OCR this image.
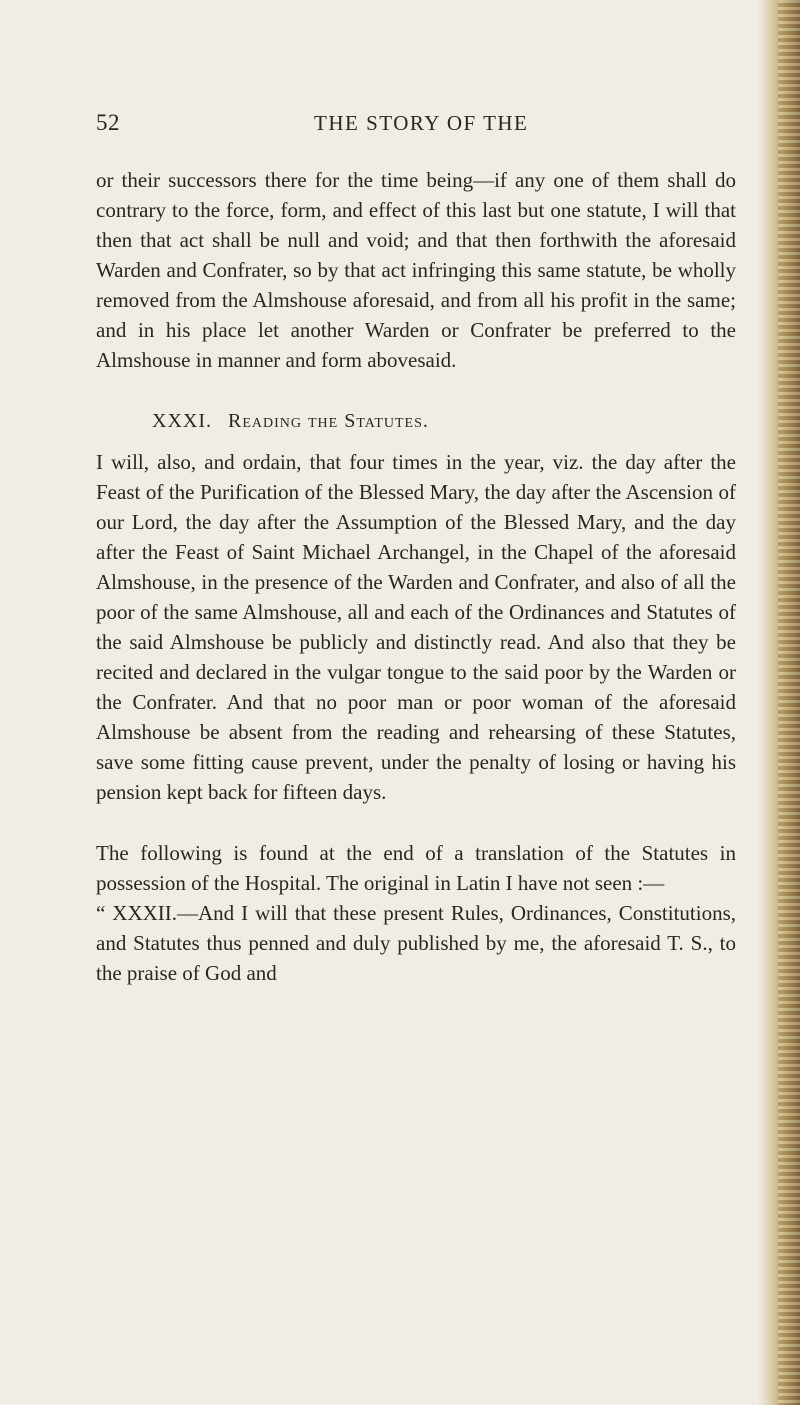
52	THE STORY OF THE

or their successors there for the time being—if any one of them shall do contrary to the force, form, and effect of this last but one statute, I will that then that act shall be null and void; and that then forthwith the aforesaid Warden and Confrater, so by that act infringing this same statute, be wholly removed from the Almshouse aforesaid, and from all his profit in the same; and in his place let another Warden or Confrater be preferred to the Almshouse in manner and form abovesaid.

XXXI. Reading the Statutes.

I will, also, and ordain, that four times in the year, viz. the day after the Feast of the Purification of the Blessed Mary, the day after the Ascension of our Lord, the day after the Assumption of the Blessed Mary, and the day after the Feast of Saint Michael Archangel, in the Chapel of the aforesaid Almshouse, in the presence of the Warden and Confrater, and also of all the poor of the same Almshouse, all and each of the Ordinances and Statutes of the said Almshouse be publicly and distinctly read. And also that they be recited and declared in the vulgar tongue to the said poor by the Warden or the Confrater. And that no poor man or poor woman of the aforesaid Almshouse be absent from the reading and rehearsing of these Statutes, save some fitting cause prevent, under the penalty of losing or having his pension kept back for fifteen days.

The following is found at the end of a translation of the Statutes in possession of the Hospital. The original in Latin I have not seen :—

“ XXXII.—And I will that these present Rules, Ordinances, Constitutions, and Statutes thus penned and duly published by me, the aforesaid T. S., to the praise of God and
